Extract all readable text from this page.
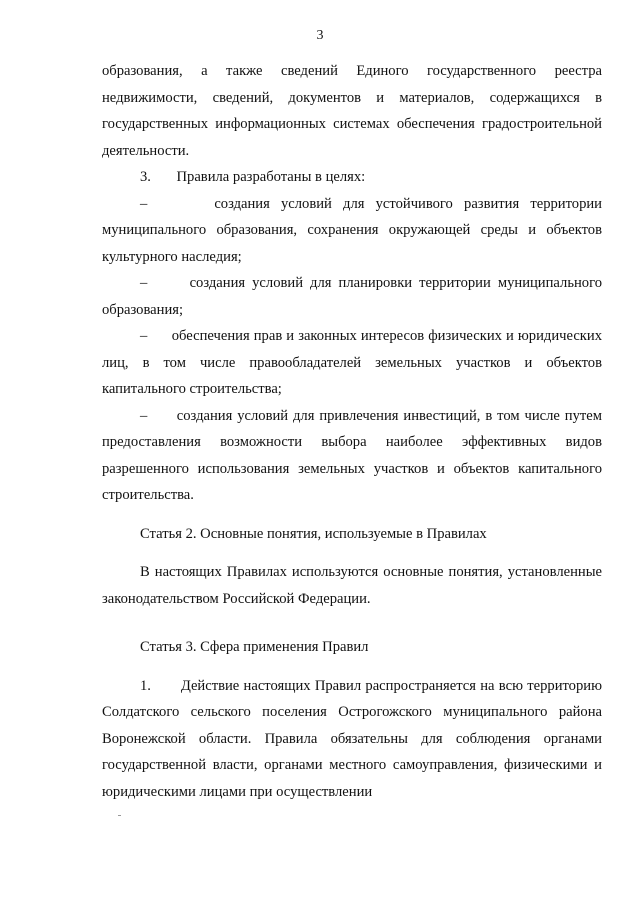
3

образования, а также сведений Единого государственного реестра недвижимости, сведений, документов и материалов, содержащихся в государственных информационных системах обеспечения градостроительной деятельности.

3.       Правила разработаны в целях:

–      создания условий для устойчивого развития территории муниципального образования, сохранения окружающей среды и объектов культурного наследия;

–      создания условий для планировки территории муниципального образования;

–      обеспечения прав и законных интересов физических и юридических лиц, в том числе правообладателей земельных участков и объектов капитального строительства;

–      создания условий для привлечения инвестиций, в том числе путем предоставления возможности выбора наиболее эффективных видов разрешенного использования земельных участков и объектов капитального строительства.

Статья 2. Основные понятия, используемые в Правилах

В настоящих Правилах используются основные понятия, установленные законодательством Российской Федерации.

Статья 3. Сфера применения Правил

1.       Действие настоящих Правил распространяется на всю территорию Солдатского сельского поселения Острогожского муниципального района Воронежской области. Правила обязательны для соблюдения органами государственной власти, органами местного самоуправления, физическими и юридическими лицами при осуществлении
